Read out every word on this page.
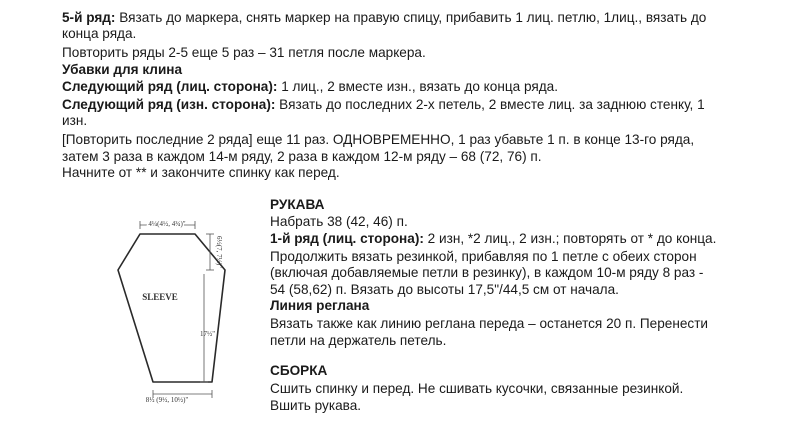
5-й ряд: Вязать до маркера, снять маркер на правую спицу, прибавить 1 лиц. петлю, 1лиц., вязать до
конца ряда.
Повторить ряды 2-5 еще 5 раз – 31 петля после маркера.
Убавки для клина
Следующий ряд (лиц. сторона): 1 лиц., 2 вместе изн., вязать до конца ряда.
Следующий ряд (изн. сторона): Вязать до последних 2-х петель, 2 вместе лиц. за заднюю стенку, 1
изн.
[Повторить последние 2 ряда] еще 11 раз. ОДНОВРЕМЕННО, 1 раз убавьте 1 п. в конце 13-го ряда,
затем 3 раза в каждом 14-м ряду, 2 раза в каждом 12-м ряду – 68 (72, 76) п.
Начните от ** и закончите спинку как перед.
РУКАВА
Набрать 38 (42, 46) п.
1-й ряд (лиц. сторона): 2 изн, *2 лиц., 2 изн.; повторять от * до конца.
Продолжить вязать резинкой, прибавляя по 1 петле с обеих сторон
(включая добавляемые петли в резинку), в каждом 10-м ряду 8 раз -
54 (58,62) п. Вязать до высоты 17,5"/44,5 см от начала.
Линия реглана
Вязать также как линию реглана переда – останется 20 п. Перенести
петли на держатель петель.
СБОРКА
Сшить спинку и перед. Не сшивать кусочки, связанные резинкой.
Вшить рукава.
4¼(4½, 4¾)"
SLEEVE
6½(7, 7½)"
17½"
8½ (9½, 10½)"
